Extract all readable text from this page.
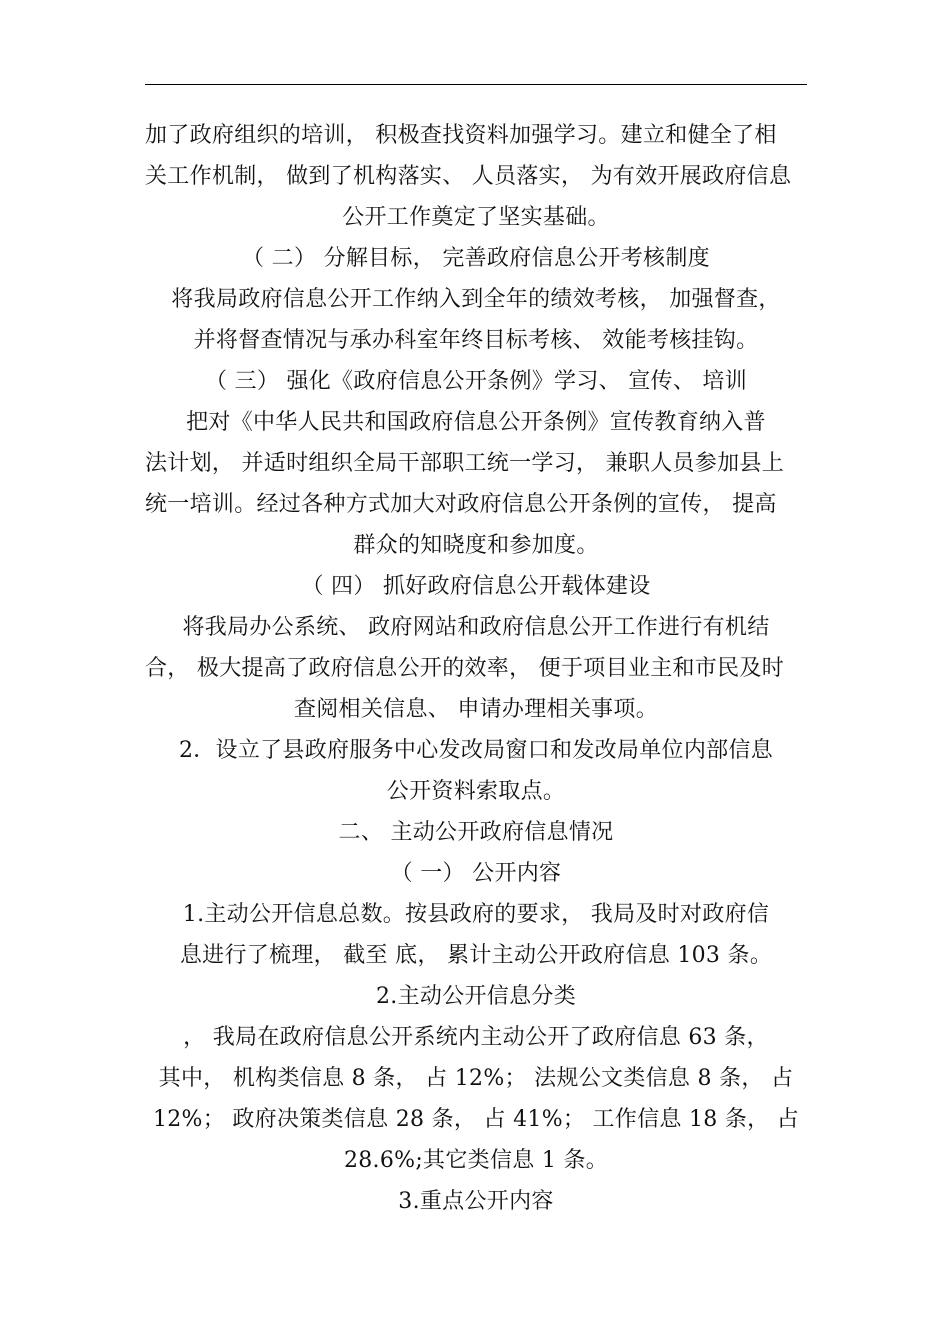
加了政府组织的培训， 积极查找资料加强学习。建立和健全了相
关工作机制， 做到了机构落实、 人员落实， 为有效开展政府信息
公开工作奠定了坚实基础。
（ 二） 分解目标， 完善政府信息公开考核制度
将我局政府信息公开工作纳入到全年的绩效考核， 加强督查，
并将督查情况与承办科室年终目标考核、 效能考核挂钩。
（ 三） 强化《政府信息公开条例》学习、 宣传、 培训
把对《中华人民共和国政府信息公开条例》宣传教育纳入普
法计划， 并适时组织全局干部职工统一学习， 兼职人员参加县上
统一培训。经过各种方式加大对政府信息公开条例的宣传， 提高
群众的知晓度和参加度。
（ 四） 抓好政府信息公开载体建设
将我局办公系统、 政府网站和政府信息公开工作进行有机结
合， 极大提高了政府信息公开的效率， 便于项目业主和市民及时
查阅相关信息、 申请办理相关事项。
2．设立了县政府服务中心发改局窗口和发改局单位内部信息
公开资料索取点。
二、 主动公开政府信息情况
（ 一） 公开内容
1.主动公开信息总数。按县政府的要求， 我局及时对政府信
息进行了梳理， 截至 底， 累计主动公开政府信息 103 条。
2.主动公开信息分类
， 我局在政府信息公开系统内主动公开了政府信息 63 条，
其中， 机构类信息 8 条， 占 12%； 法规公文类信息 8 条， 占
12%； 政府决策类信息 28 条， 占 41%； 工作信息 18 条， 占
28.6%;其它类信息 1 条。
3.重点公开内容
